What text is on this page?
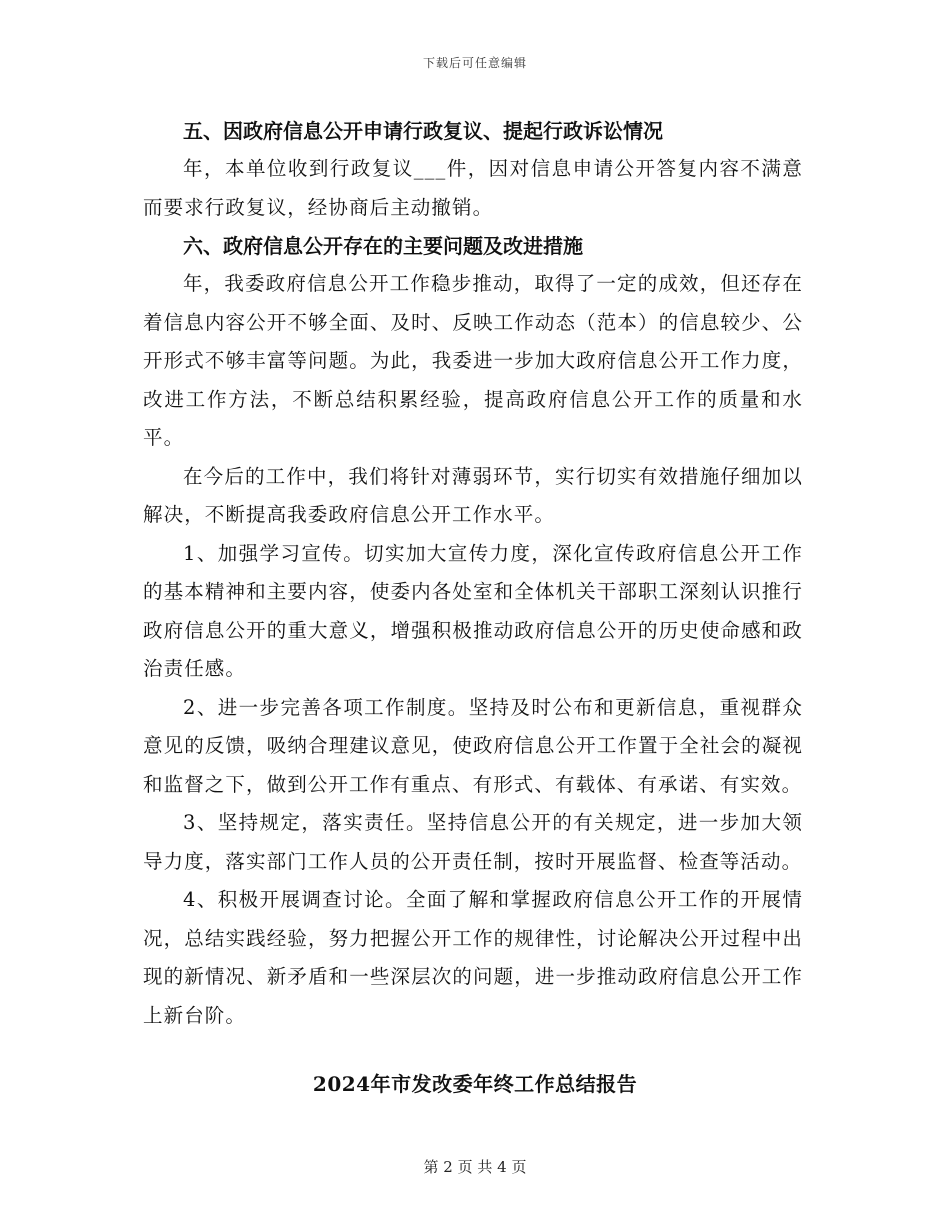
下载后可任意编辑
五、因政府信息公开申请行政复议、提起行政诉讼情况

年，本单位收到行政复议___件，因对信息申请公开答复内容不满意而要求行政复议，经协商后主动撤销。

六、政府信息公开存在的主要问题及改进措施

年，我委政府信息公开工作稳步推动，取得了一定的成效，但还存在着信息内容公开不够全面、及时、反映工作动态（范本）的信息较少、公开形式不够丰富等问题。为此，我委进一步加大政府信息公开工作力度，改进工作方法，不断总结积累经验，提高政府信息公开工作的质量和水平。

在今后的工作中，我们将针对薄弱环节，实行切实有效措施仔细加以解决，不断提高我委政府信息公开工作水平。

1、加强学习宣传。切实加大宣传力度，深化宣传政府信息公开工作的基本精神和主要内容，使委内各处室和全体机关干部职工深刻认识推行政府信息公开的重大意义，增强积极推动政府信息公开的历史使命感和政治责任感。

2、进一步完善各项工作制度。坚持及时公布和更新信息，重视群众意见的反馈，吸纳合理建议意见，使政府信息公开工作置于全社会的凝视和监督之下，做到公开工作有重点、有形式、有载体、有承诺、有实效。

3、坚持规定，落实责任。坚持信息公开的有关规定，进一步加大领导力度，落实部门工作人员的公开责任制，按时开展监督、检查等活动。

4、积极开展调查讨论。全面了解和掌握政府信息公开工作的开展情况，总结实践经验，努力把握公开工作的规律性，讨论解决公开过程中出现的新情况、新矛盾和一些深层次的问题，进一步推动政府信息公开工作上新台阶。

2024年市发改委年终工作总结报告
第 2 页 共 4 页
